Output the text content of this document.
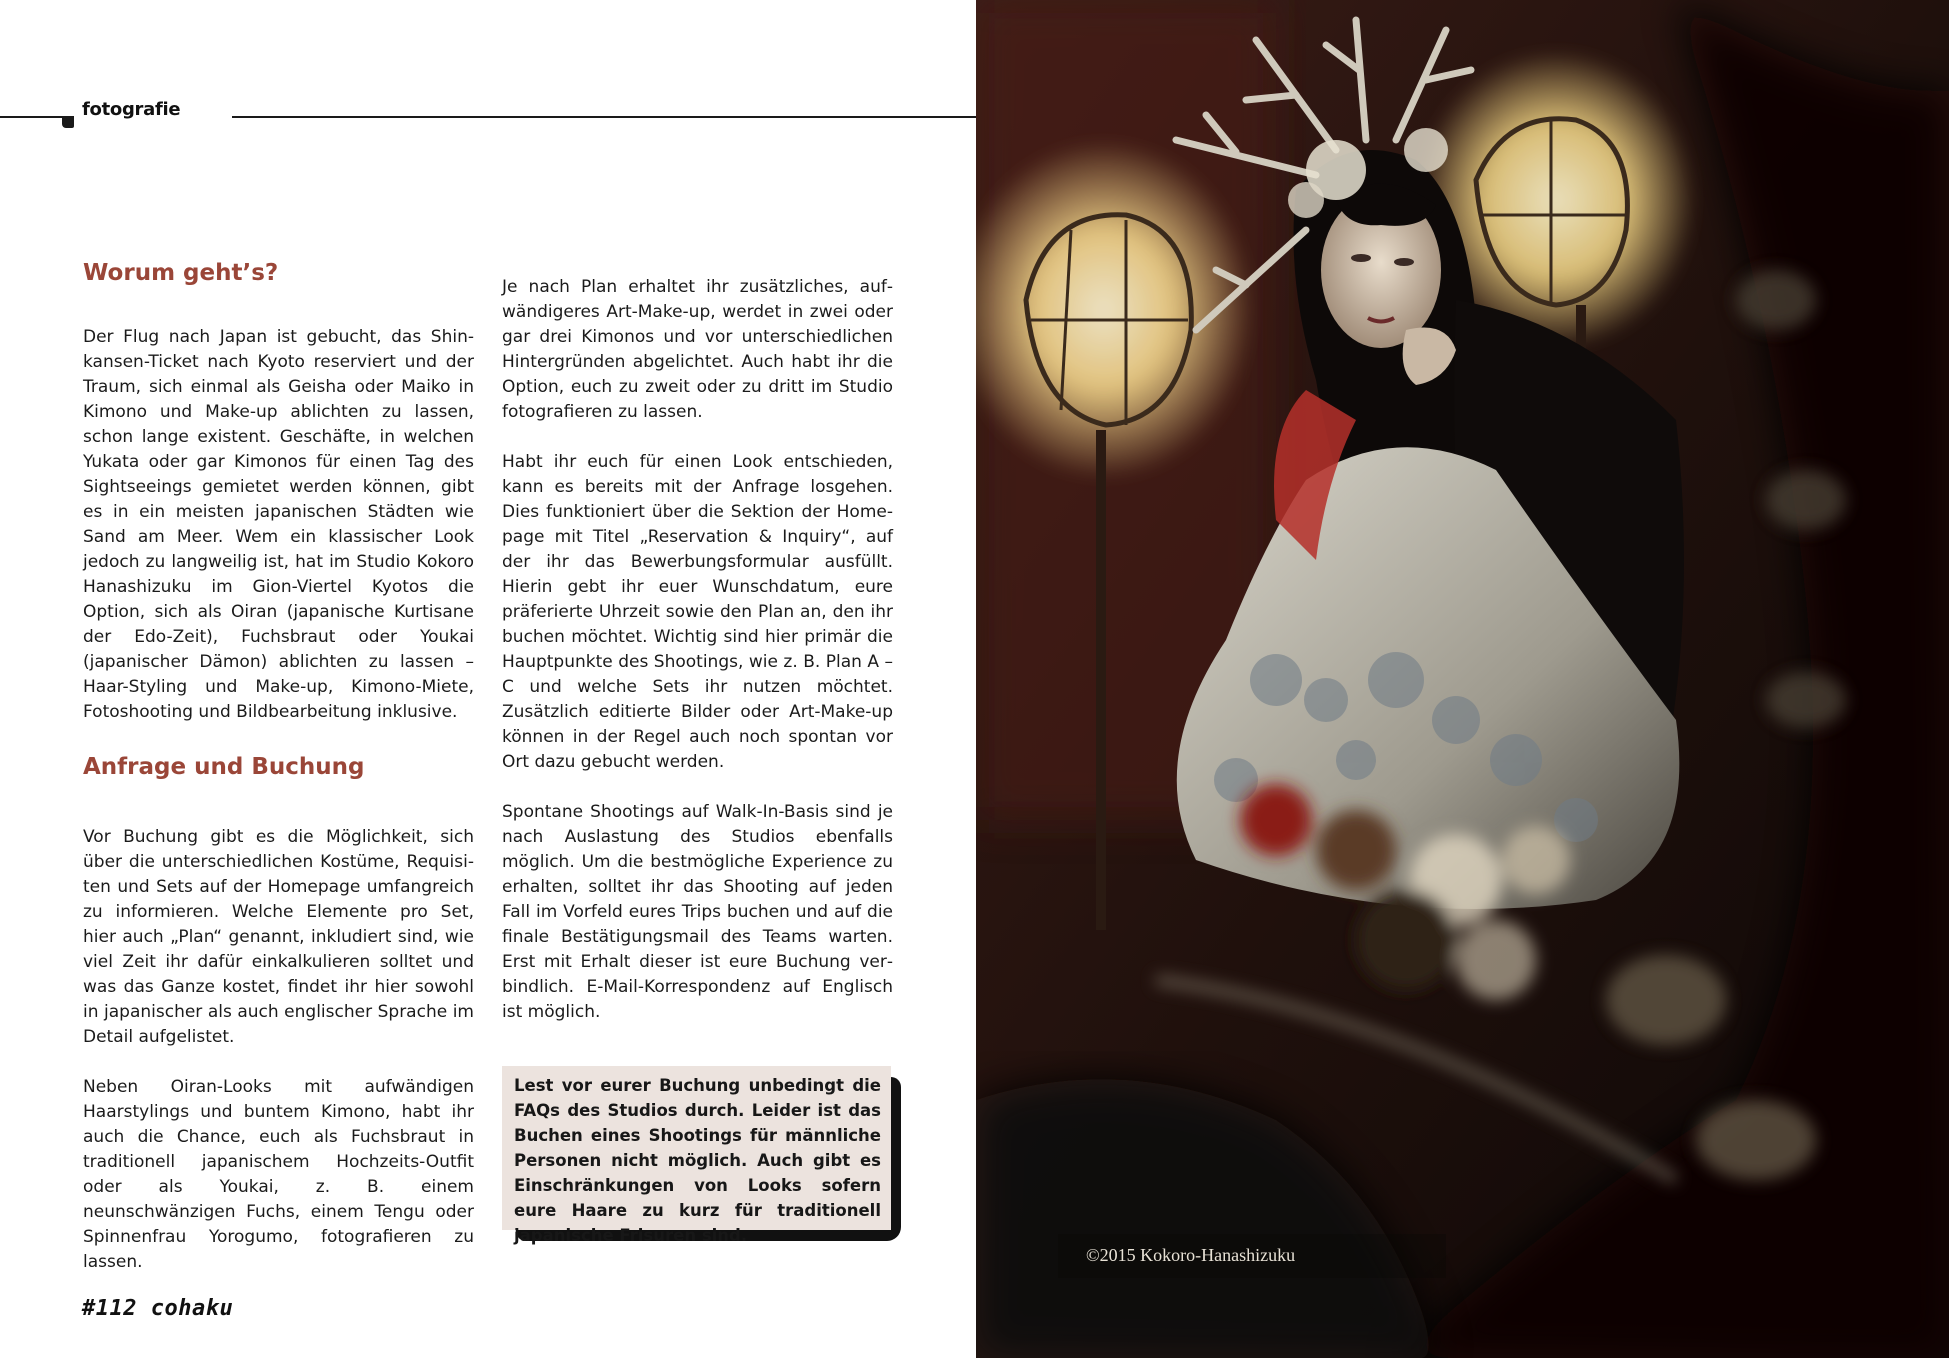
fotografie
Worum geht’s?

Der Flug nach Japan ist gebucht, das Shinkansen-Ticket nach Kyoto reserviert und der Traum, sich einmal als Geisha oder Maiko in Kimono und Make-up ablichten zu lassen, schon lange existent. Geschäfte, in welchen Yukata oder gar Kimonos für einen Tag des Sightseeings gemietet werden können, gibt es in ein meisten japanischen Städten wie Sand am Meer. Wem ein klassischer Look jedoch zu langweilig ist, hat im Studio Kokoro Hanashizuku im Gion-Viertel Kyotos die Option, sich als Oiran (japanische Kurtisane der Edo-Zeit), Fuchsbraut oder Youkai (japanischer Dämon) ablichten zu lassen – Haar-Styling und Make-up, Kimono-Miete, Fotoshooting und Bildbearbeitung inklusive.

Anfrage und Buchung

Vor Buchung gibt es die Möglichkeit, sich über die unterschiedlichen Kostüme, Requisiten und Sets auf der Homepage umfangreich zu informieren. Welche Elemente pro Set, hier auch „Plan“ genannt, inkludiert sind, wie viel Zeit ihr dafür einkalkulieren solltet und was das Ganze kostet, findet ihr hier sowohl in japanischer als auch englischer Sprache im Detail aufgelistet.

Neben Oiran-Looks mit aufwändigen Haarstylings und buntem Kimono, habt ihr auch die Chance, euch als Fuchsbraut in traditionell japanischem Hochzeits-Outfit oder als Youkai, z. B. einem neunschwänzigen Fuchs, einem Tengu oder Spinnenfrau Yorogumo, fotografieren zu lassen.

Je nach Plan erhaltet ihr zusätzliches, aufwändigeres Art-Make-up, werdet in zwei oder gar drei Kimonos und vor unterschiedlichen Hintergründen abgelichtet. Auch habt ihr die Option, euch zu zweit oder zu dritt im Studio fotografieren zu lassen.

Habt ihr euch für einen Look entschieden, kann es bereits mit der Anfrage losgehen. Dies funktioniert über die Sektion der Homepage mit Titel „Reservation & Inquiry“, auf der ihr das Bewerbungsformular ausfüllt. Hierin gebt ihr euer Wunschdatum, eure präferierte Uhrzeit sowie den Plan an, den ihr buchen möchtet. Wichtig sind hier primär die Hauptpunkte des Shootings, wie z. B. Plan A – C und welche Sets ihr nutzen möchtet. Zusätzlich editierte Bilder oder Art-Make-up können in der Regel auch noch spontan vor Ort dazu gebucht werden.

Spontane Shootings auf Walk-In-Basis sind je nach Auslastung des Studios ebenfalls möglich. Um die bestmögliche Experience zu erhalten, solltet ihr das Shooting auf jeden Fall im Vorfeld eures Trips buchen und auf die finale Bestätigungsmail des Teams warten. Erst mit Erhalt dieser ist eure Buchung verbindlich. E-Mail-Korrespondenz auf Englisch ist möglich.

Lest vor eurer Buchung unbedingt die FAQs des Studios durch. Leider ist das Buchen eines Shootings für männliche Personen nicht möglich. Auch gibt es Einschränkungen von Looks sofern eure Haare zu kurz für traditionell japanische Frisuren sind.

#112 cohaku
©2015 Kokoro-Hanashizuku
